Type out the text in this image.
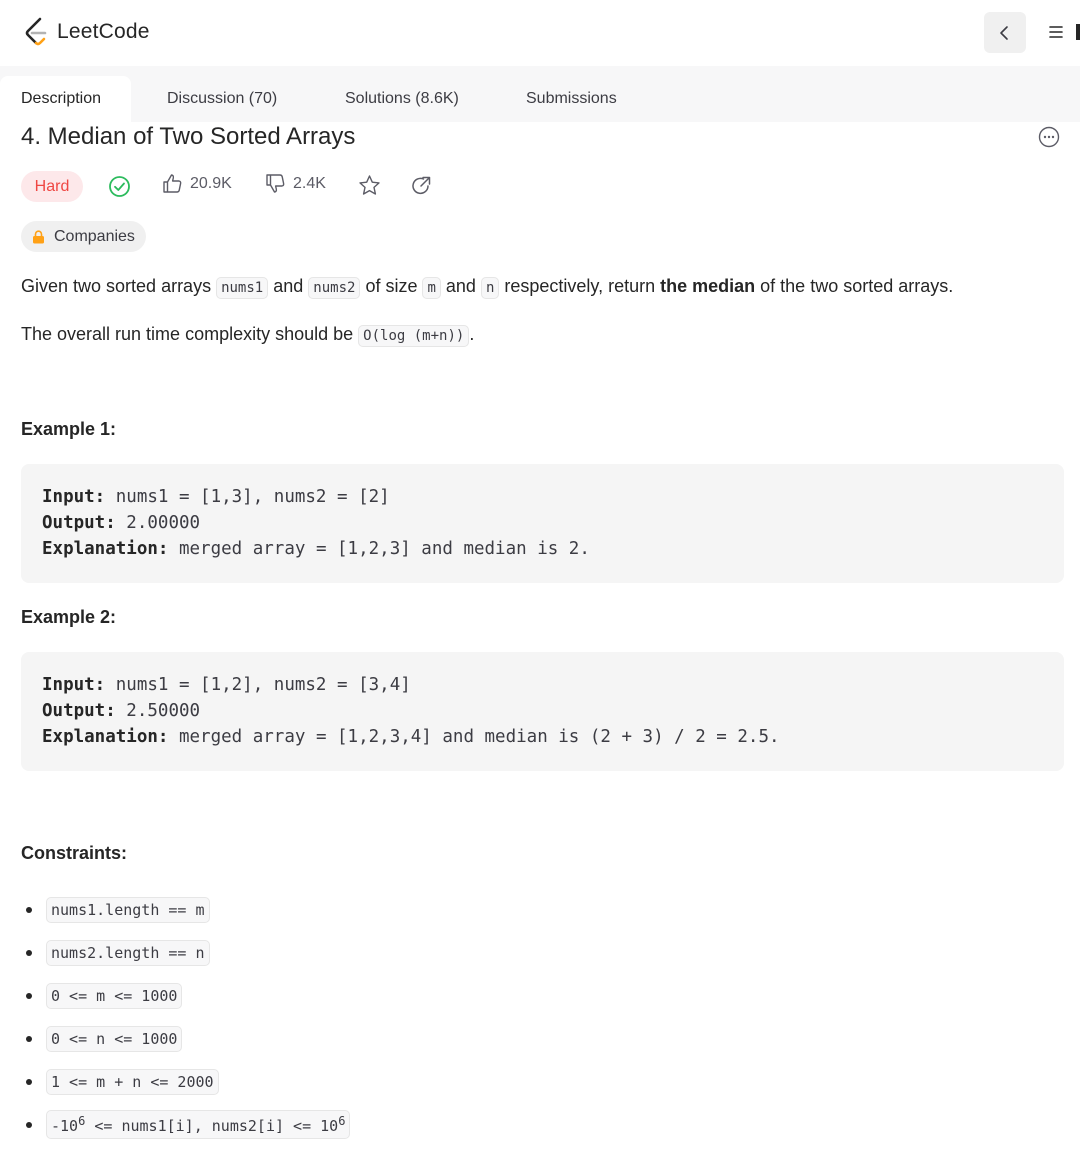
LeetCode
Description	Discussion (70)	Solutions (8.6K)	Submissions
4. Median of Two Sorted Arrays
Hard	20.9K	2.4K
Companies
Given two sorted arrays nums1 and nums2 of size m and n respectively, return the median of the two sorted arrays.
The overall run time complexity should be O(log (m+n)) .
Example 1:
Input: nums1 = [1,3], nums2 = [2]
Output: 2.00000
Explanation: merged array = [1,2,3] and median is 2.
Example 2:
Input: nums1 = [1,2], nums2 = [3,4]
Output: 2.50000
Explanation: merged array = [1,2,3,4] and median is (2 + 3) / 2 = 2.5.
Constraints:
nums1.length == m
nums2.length == n
0 <= m <= 1000
0 <= n <= 1000
1 <= m + n <= 2000
$-10^6$ <= nums1[i], nums2[i] <= $10^6$
